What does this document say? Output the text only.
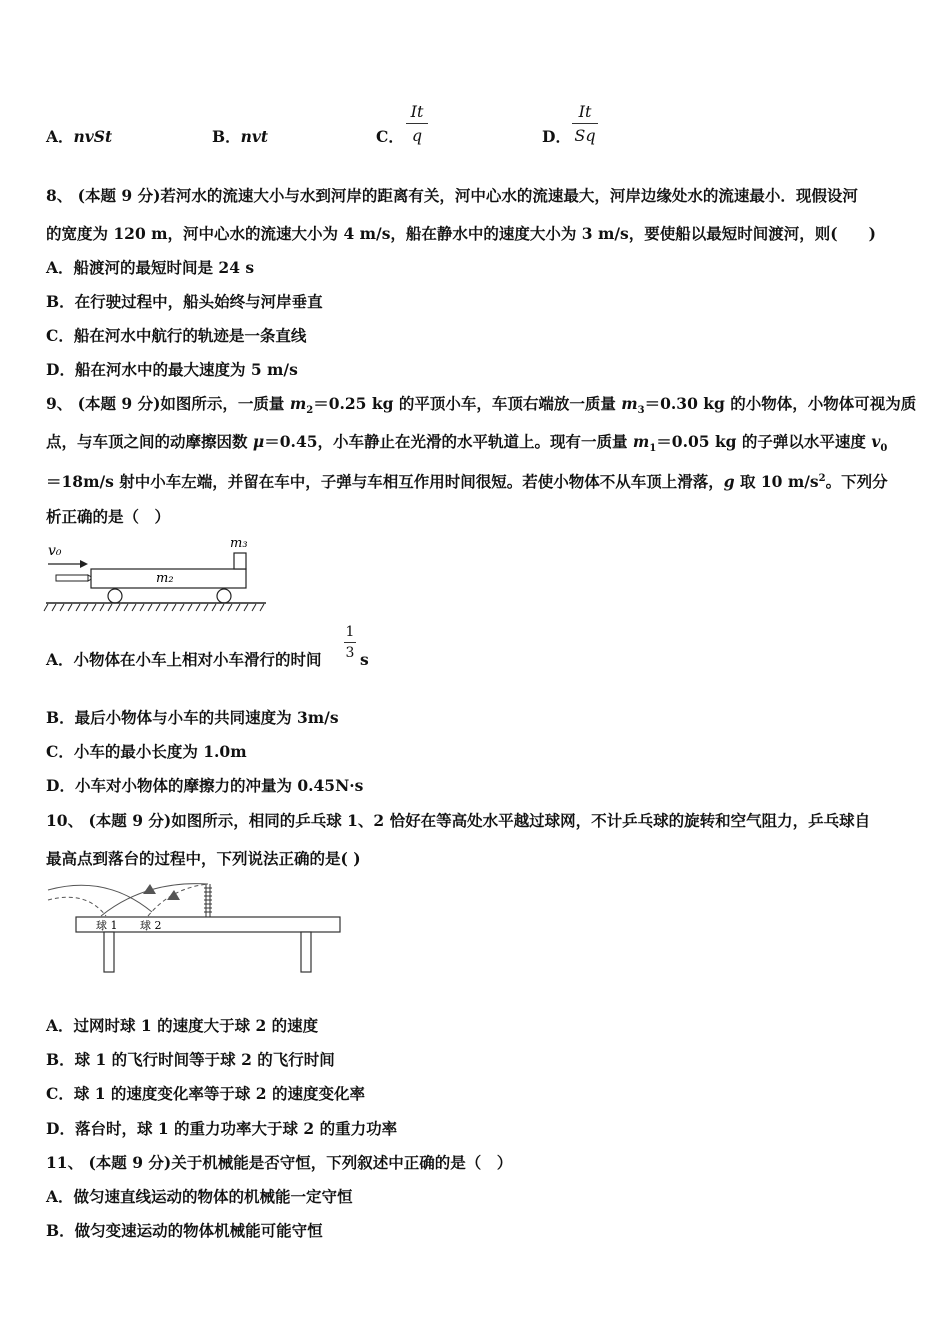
A．nvSt	B．nvt	C．
It
q	D．
It
Sq
8、 (本题 9 分)若河水的流速大小与水到河岸的距离有关，河中心水的流速最大，河岸边缘处水的流速最小．现假设河
的宽度为 120 m，河中心水的流速大小为 4 m/s，船在静水中的速度大小为 3 m/s，要使船以最短时间渡河，则(　　)
A．船渡河的最短时间是 24 s
B．在行驶过程中，船头始终与河岸垂直
C．船在河水中航行的轨迹是一条直线
D．船在河水中的最大速度为 5 m/s
9、 (本题 9 分)如图所示，一质量 $m_2=0.25$ kg 的平顶小车，车顶右端放一质量 $m_3=0.30$ kg 的小物体，小物体可视为质
点，与车顶之间的动摩擦因数 μ＝0.45，小车静止在光滑的水平轨道上。现有一质量 $m_1=0.05$ kg 的子弹以水平速度 $v_0$
＝18m/s 射中小车左端，并留在车中，子弹与车相互作用时间很短。若使小物体不从车顶上滑落，g 取 10 $m/s^2$。下列分
析正确的是（　）
v₀
m₂
m₃
A．小物体在小车上相对小车滑行的时间
1
3 s
B．最后小物体与小车的共同速度为 3m/s
C．小车的最小长度为 1.0m
D．小车对小物体的摩擦力的冲量为 0.45N·s
10、 (本题 9 分)如图所示，相同的乒乓球 1、2 恰好在等高处水平越过球网，不计乒乓球的旋转和空气阻力，乒乓球自
最高点到落台的过程中，下列说法正确的是( )
球 1 球 2
A．过网时球 1 的速度大于球 2 的速度
B．球 1 的飞行时间等于球 2 的飞行时间
C．球 1 的速度变化率等于球 2 的速度变化率
D．落台时，球 1 的重力功率大于球 2 的重力功率
11、 (本题 9 分)关于机械能是否守恒，下列叙述中正确的是（　）
A．做匀速直线运动的物体的机械能一定守恒
B．做匀变速运动的物体机械能可能守恒
